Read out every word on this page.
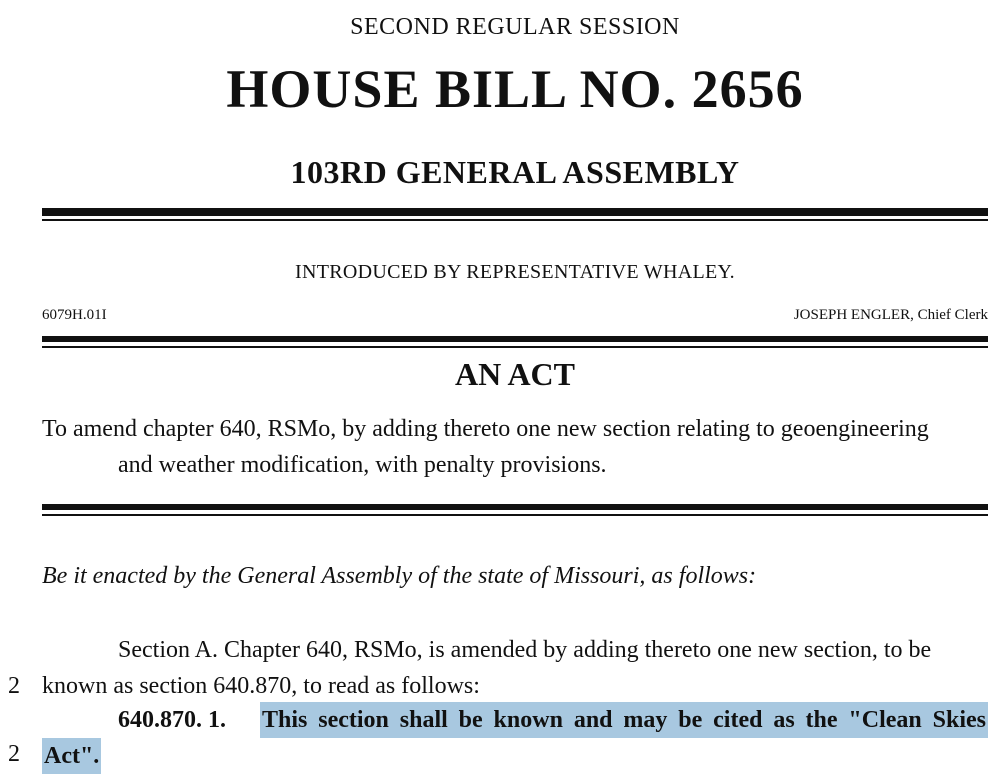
SECOND REGULAR SESSION
HOUSE BILL NO. 2656
103RD GENERAL ASSEMBLY
INTRODUCED BY REPRESENTATIVE WHALEY.
6079H.01I	JOSEPH ENGLER, Chief Clerk
AN ACT
To amend chapter 640, RSMo, by adding thereto one new section relating to geoengineering
and weather modification, with penalty provisions.
Be it enacted by the General Assembly of the state of Missouri, as follows:
Section A. Chapter 640, RSMo, is amended by adding thereto one new section, to be
2 known as section 640.870, to read as follows:
640.870. 1. This section shall be known and may be cited as the "Clean Skies
2 Act".
